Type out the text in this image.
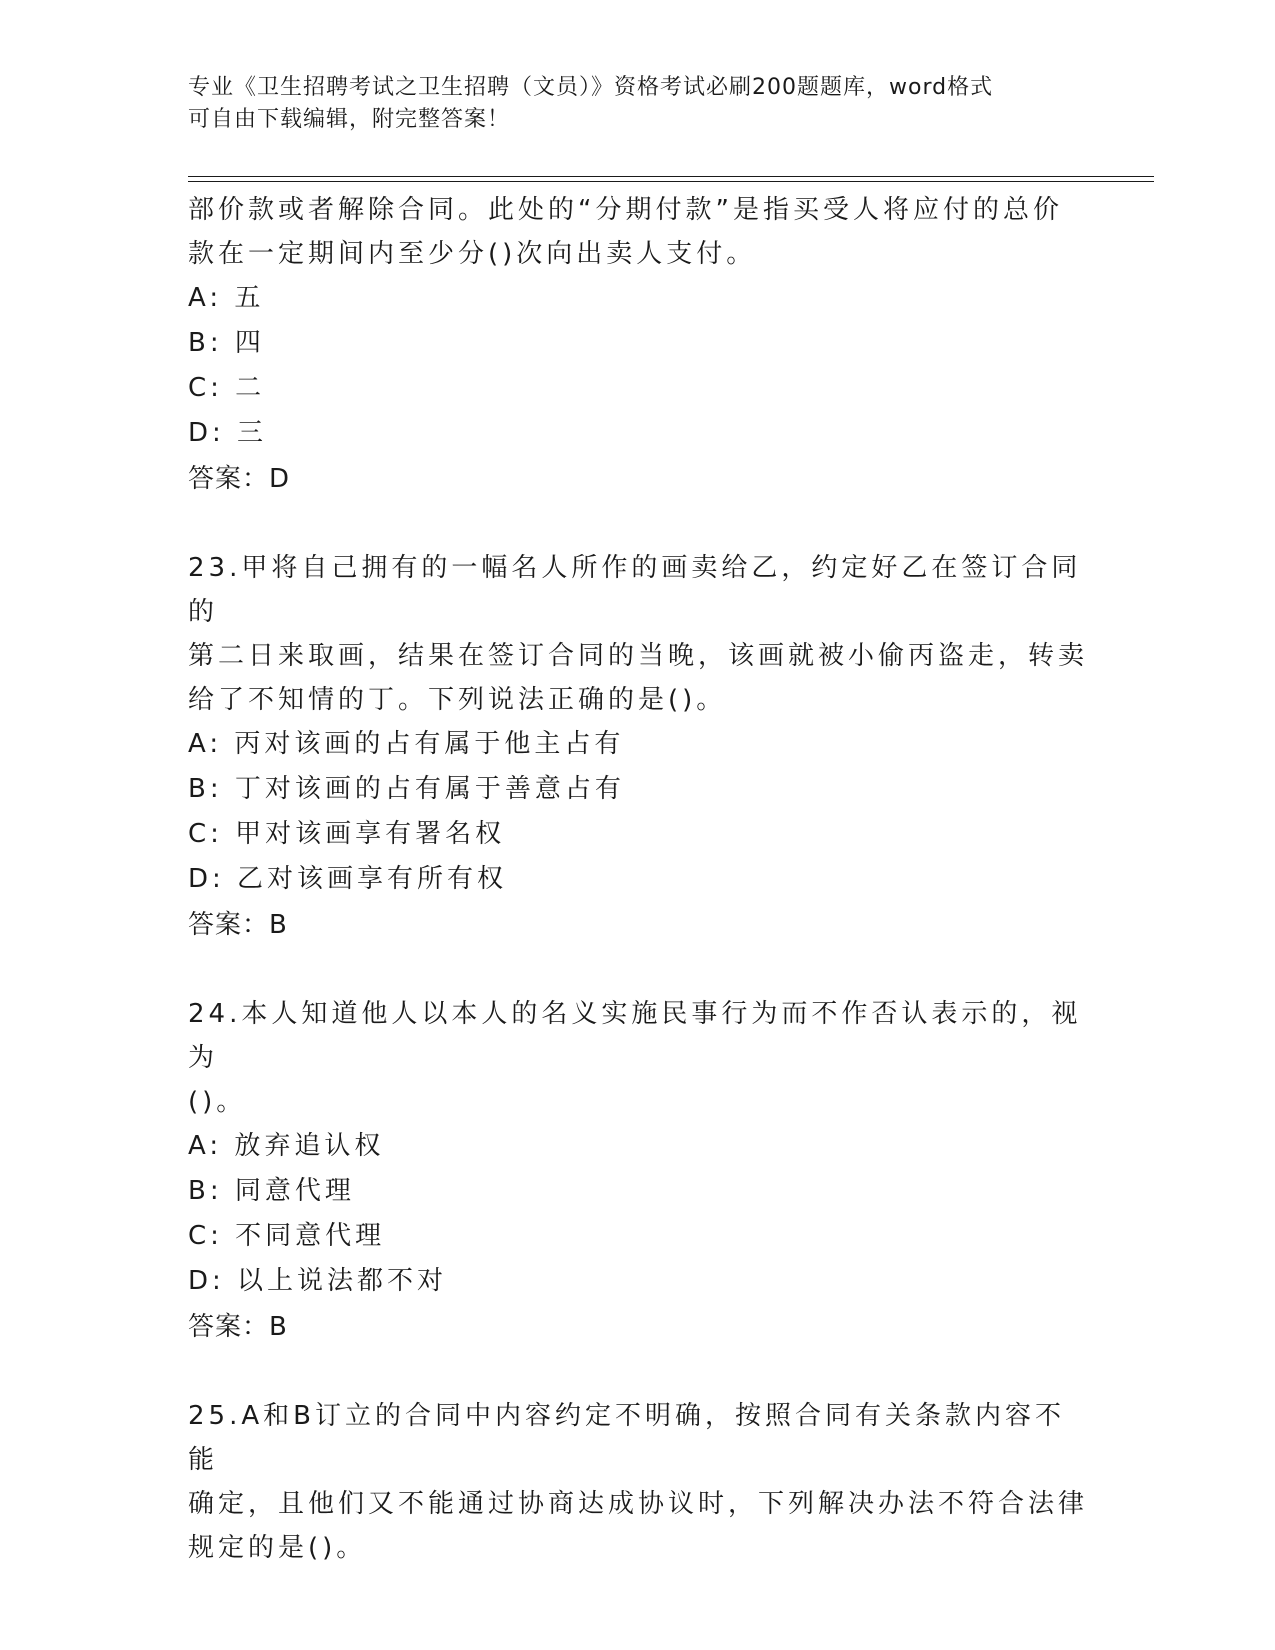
专业《卫生招聘考试之卫生招聘（文员）》资格考试必刷200题题库，word格式
可自由下载编辑，附完整答案！

部价款或者解除合同。此处的“分期付款”是指买受人将应付的总价

款在一定期间内至少分()次向出卖人支付。

A: 五

B: 四

C: 二

D: 三

答案：D

23.甲将自己拥有的一幅名人所作的画卖给乙，约定好乙在签订合同的

第二日来取画，结果在签订合同的当晚，该画就被小偷丙盗走，转卖

给了不知情的丁。下列说法正确的是()。

A: 丙对该画的占有属于他主占有

B: 丁对该画的占有属于善意占有

C: 甲对该画享有署名权

D: 乙对该画享有所有权

答案：B

24.本人知道他人以本人的名义实施民事行为而不作否认表示的，视为

()。

A: 放弃追认权

B: 同意代理

C: 不同意代理

D: 以上说法都不对

答案：B

25.A和B订立的合同中内容约定不明确，按照合同有关条款内容不能

确定，且他们又不能通过协商达成协议时，下列解决办法不符合法律

规定的是()。
